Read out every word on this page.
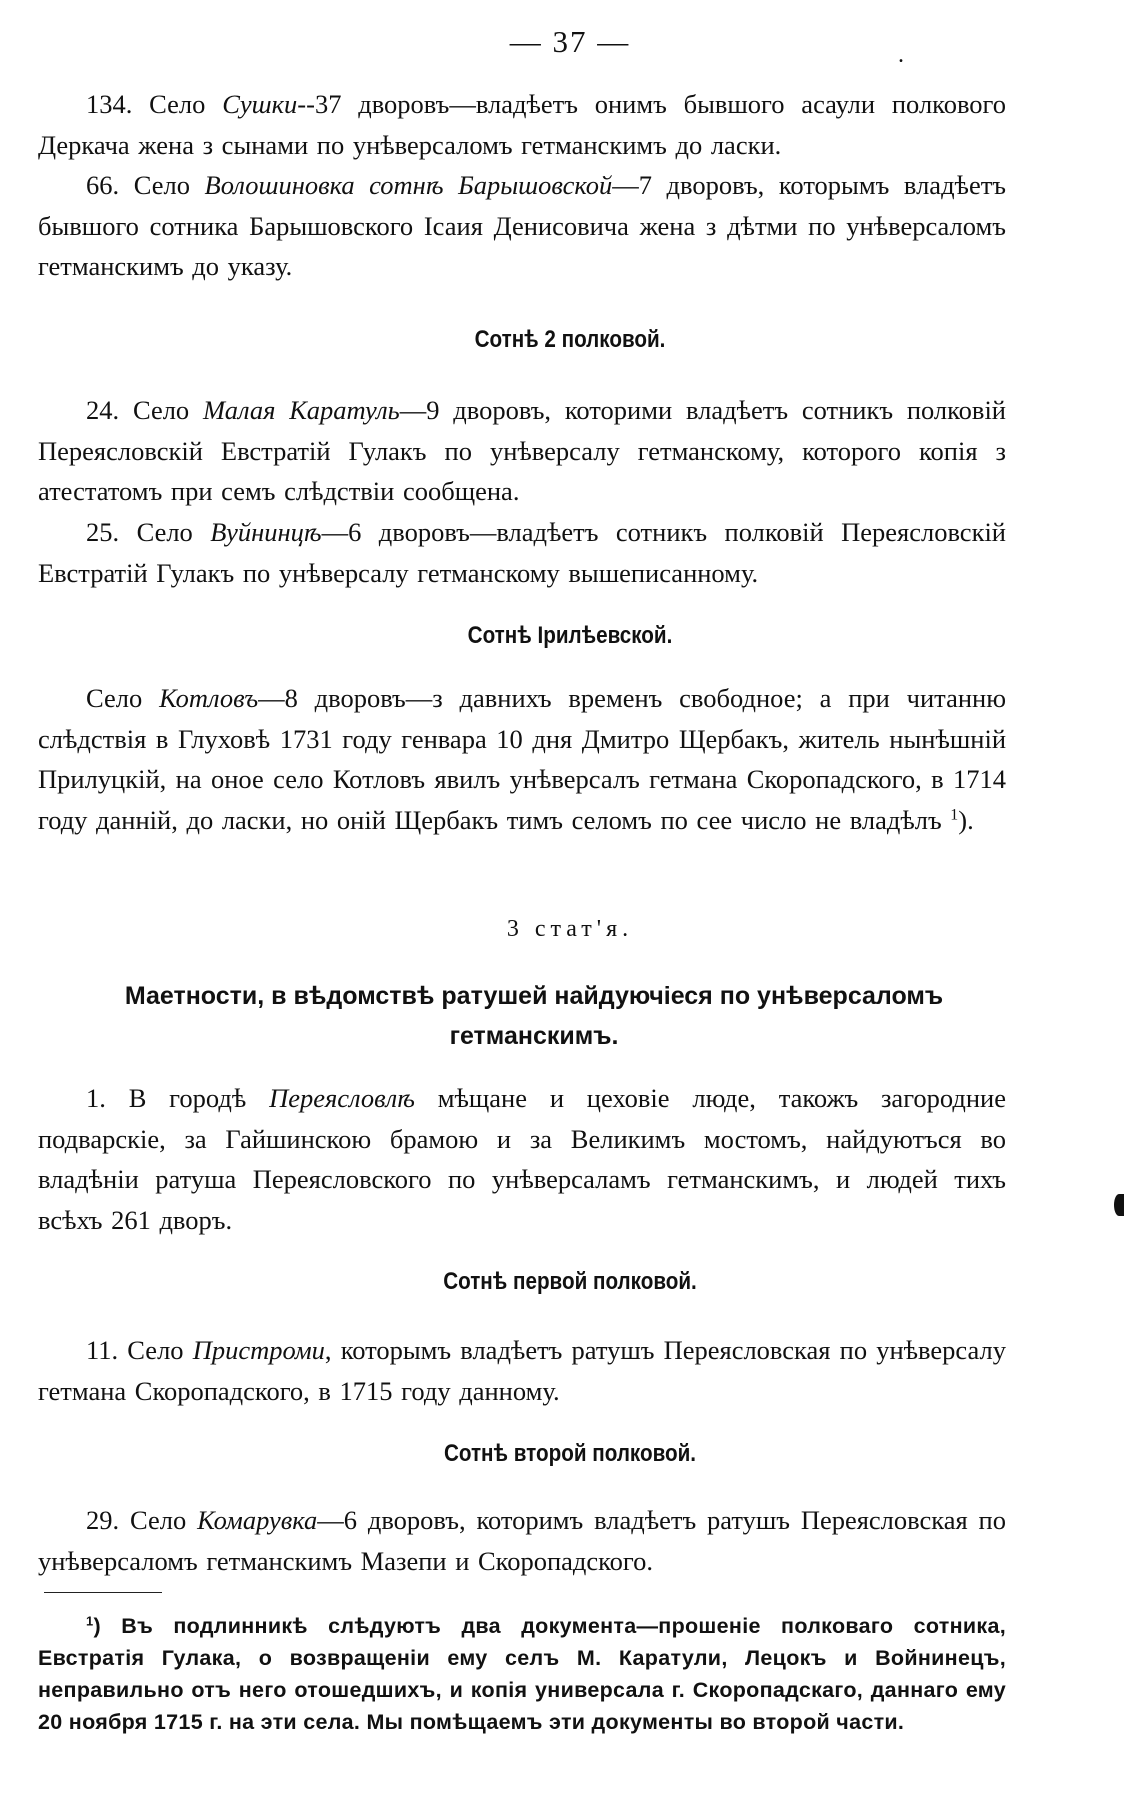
— 37 —	.
134. Село Сушки--37 дворовъ—владѣетъ онимъ бывшого асаули полкового Деркача жена з сынами по унѣверсаломъ гетманскимъ до ласки.
66. Село Волошиновка сотнѣ Барышовской—7 дворовъ, которымъ владѣетъ бывшого сотника Барышовского Ісаия Денисовича жена з дѣтми по унѣверсаломъ гетманскимъ до указу.
Сотнѣ 2 полковой.
24. Село Малая Каратуль—9 дворовъ, которими владѣетъ сотникъ полковій Переясловскій Евстратій Гулакъ по унѣверсалу гетманскому, которого копія з атестатомъ при семъ слѣдствіи сообщена.
25. Село Вуйнинцѣ—6 дворовъ—владѣетъ сотникъ полковій Переясловскій Евстратій Гулакъ по унѣверсалу гетманскому вышеписанному.
Сотнѣ Ірилѣевской.
Село Котловъ—8 дворовъ—з давнихъ временъ свободное; а при читанню слѣдствія в Глуховѣ 1731 году генвара 10 дня Дмитро Щербакъ, житель нынѣшній Прилуцкій, на оное село Котловъ явилъ унѣверсалъ гетмана Скоропадского, в 1714 году данній, до ласки, но оній Щербакъ тимъ селомъ по сее число не владѣлъ $^1$).
3 стат'я.
Маетности, в вѣдомствѣ ратушей найдуючіеся по унѣверсаломъ
гетманскимъ.
1. В городѣ Переясловлѣ мѣщане и цеховіе люде, такожъ загородние подварскіе, за Гайшинскою брамою и за Великимъ мостомъ, найдуютъся во владѣніи ратуша Переясловского по унѣверсаламъ гетманскимъ, и людей тихъ всѣхъ 261 дворъ.
Сотнѣ первой полковой.
11. Село Пристроми, которымъ владѣетъ ратушъ Переясловская по унѣверсалу гетмана Скоропадского, в 1715 году данному.
Сотнѣ второй полковой.
29. Село Комарувка—6 дворовъ, которимъ владѣетъ ратушъ Переясловская по унѣверсаломъ гетманскимъ Мазепи и Скоропадского.
$^1$) Въ подлинникѣ слѣдуютъ два документа—прошеніе полковаго сотника, Евстратія Гулака, о возвращеніи ему селъ М. Каратули, Лецокъ и Войнинецъ, неправильно отъ него отошедшихъ, и копія универсала г. Скоропадскаго, даннаго ему 20 ноября 1715 г. на эти села. Мы помѣщаемъ эти документы во второй части.
